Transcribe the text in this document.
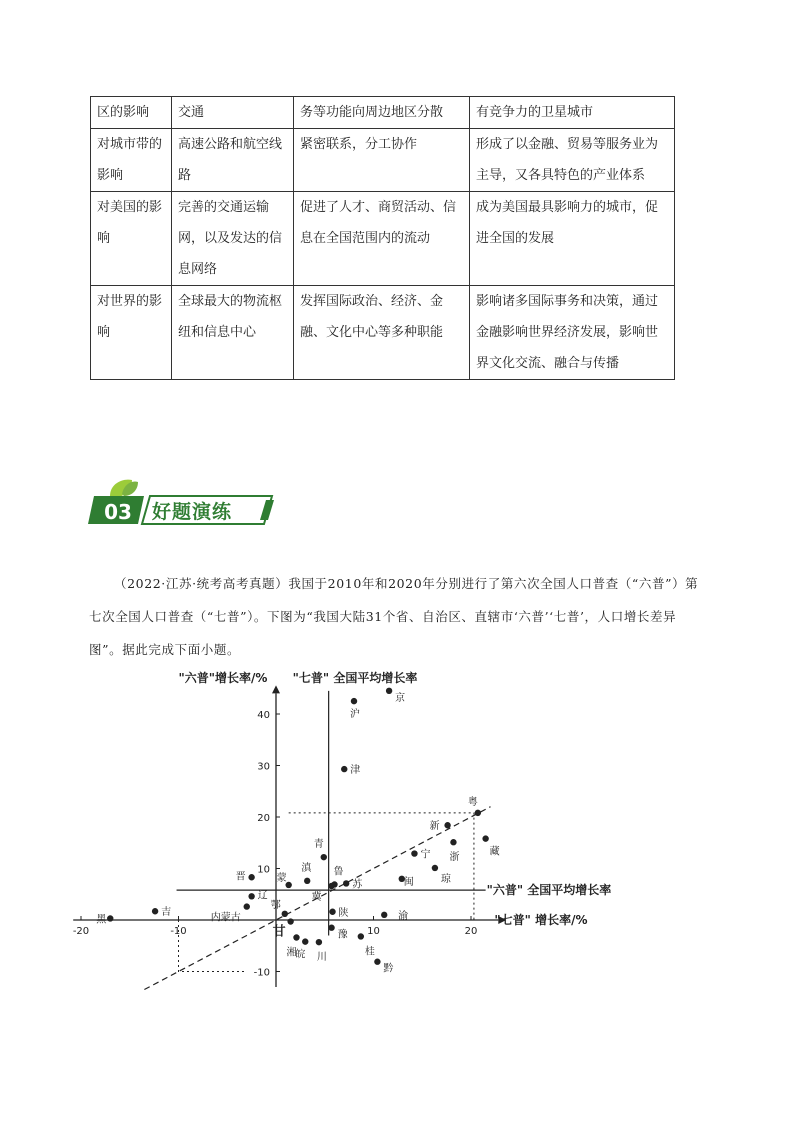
区的影响	交通	务等功能向周边地区分散	有竞争力的卫星城市
对城市带的影响	高速公路和航空线路	紧密联系，分工协作	形成了以金融、贸易等服务业为主导，又各具特色的产业体系
对美国的影响	完善的交通运输网，以及发达的信息网络	促进了人才、商贸活动、信息在全国范围内的流动	成为美国最具影响力的城市，促进全国的发展
对世界的影响	全球最大的物流枢纽和信息中心	发挥国际政治、经济、金融、文化中心等多种职能	影响诸多国际事务和决策，通过金融影响世界经济发展，影响世界文化交流、融合与传播
03	好题演练
（2022·江苏·统考高考真题）我国于2010年和2020年分别进行了第六次全国人口普查（“六普”）第七次全国人口普查（“七普”）。下图为“我国大陆31个省、自治区、直辖市‘六普’‘七普’，人口增长差异图”。据此完成下面小题。
-20	-10	10	20
-10
10
20
30
40
"六普"增长率/% "七普" 全国平均增长率
"六普" 全国平均增长率
"七普" 增长率/%
京
沪
津
粤
新
藏
浙
宁
琼
闽
青
晋
滇
蒙
鲁
苏
冀
辽
内蒙古
吉
黑
陕
鄂
甘
渝
豫
湘
皖 川
桂
黔
